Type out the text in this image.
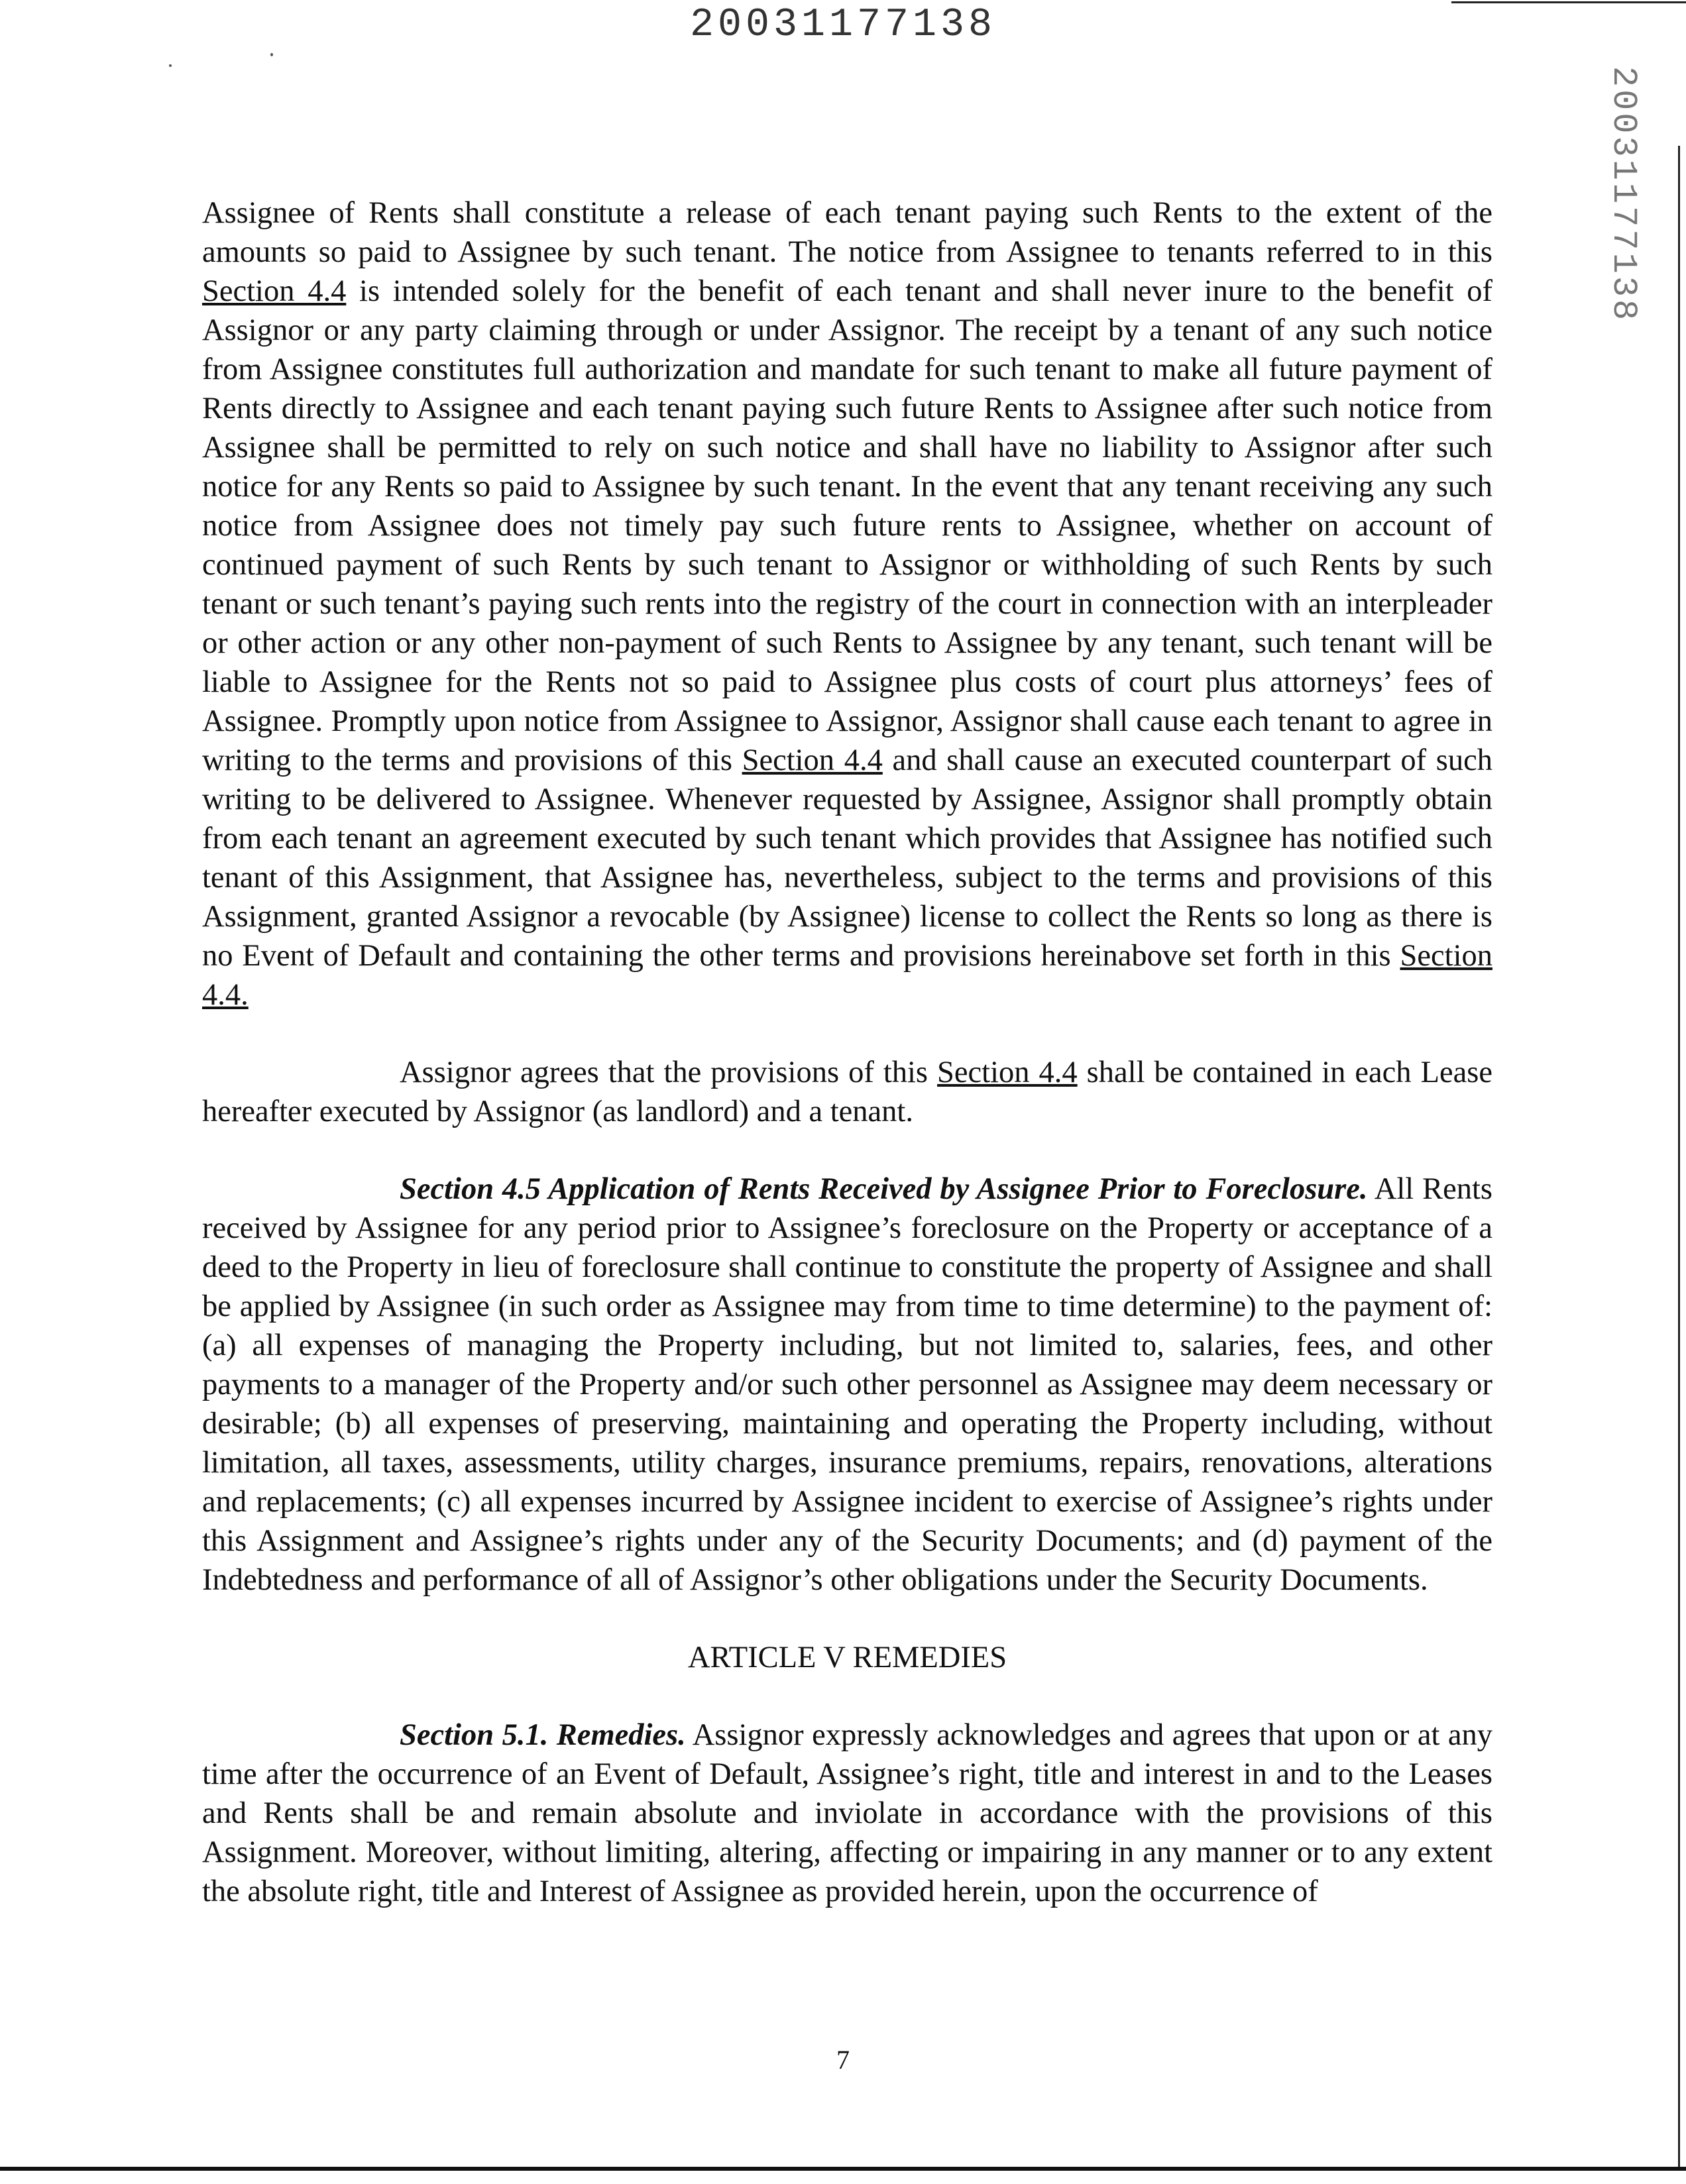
20031177138
20031177138

Assignee of Rents shall constitute a release of each tenant paying such Rents to the extent of the amounts so paid to Assignee by such tenant. The notice from Assignee to tenants referred to in this Section 4.4 is intended solely for the benefit of each tenant and shall never inure to the benefit of Assignor or any party claiming through or under Assignor. The receipt by a tenant of any such notice from Assignee constitutes full authorization and mandate for such tenant to make all future payment of Rents directly to Assignee and each tenant paying such future Rents to Assignee after such notice from Assignee shall be permitted to rely on such notice and shall have no liability to Assignor after such notice for any Rents so paid to Assignee by such tenant. In the event that any tenant receiving any such notice from Assignee does not timely pay such future rents to Assignee, whether on account of continued payment of such Rents by such tenant to Assignor or withholding of such Rents by such tenant or such tenant’s paying such rents into the registry of the court in connection with an interpleader or other action or any other non-payment of such Rents to Assignee by any tenant, such tenant will be liable to Assignee for the Rents not so paid to Assignee plus costs of court plus attorneys’ fees of Assignee. Promptly upon notice from Assignee to Assignor, Assignor shall cause each tenant to agree in writing to the terms and provisions of this Section 4.4 and shall cause an executed counterpart of such writing to be delivered to Assignee. Whenever requested by Assignee, Assignor shall promptly obtain from each tenant an agreement executed by such tenant which provides that Assignee has notified such tenant of this Assignment, that Assignee has, nevertheless, subject to the terms and provisions of this Assignment, granted Assignor a revocable (by Assignee) license to collect the Rents so long as there is no Event of Default and containing the other terms and provisions hereinabove set forth in this Section 4.4.

Assignor agrees that the provisions of this Section 4.4 shall be contained in each Lease hereafter executed by Assignor (as landlord) and a tenant.

Section 4.5 Application of Rents Received by Assignee Prior to Foreclosure. All Rents received by Assignee for any period prior to Assignee’s foreclosure on the Property or acceptance of a deed to the Property in lieu of foreclosure shall continue to constitute the property of Assignee and shall be applied by Assignee (in such order as Assignee may from time to time determine) to the payment of: (a) all expenses of managing the Property including, but not limited to, salaries, fees, and other payments to a manager of the Property and/or such other personnel as Assignee may deem necessary or desirable; (b) all expenses of preserving, maintaining and operating the Property including, without limitation, all taxes, assessments, utility charges, insurance premiums, repairs, renovations, alterations and replacements; (c) all expenses incurred by Assignee incident to exercise of Assignee’s rights under this Assignment and Assignee’s rights under any of the Security Documents; and (d) payment of the Indebtedness and performance of all of Assignor’s other obligations under the Security Documents.

ARTICLE V REMEDIES

Section 5.1. Remedies. Assignor expressly acknowledges and agrees that upon or at any time after the occurrence of an Event of Default, Assignee’s right, title and interest in and to the Leases and Rents shall be and remain absolute and inviolate in accordance with the provisions of this Assignment. Moreover, without limiting, altering, affecting or impairing in any manner or to any extent the absolute right, title and Interest of Assignee as provided herein, upon the occurrence of

7
